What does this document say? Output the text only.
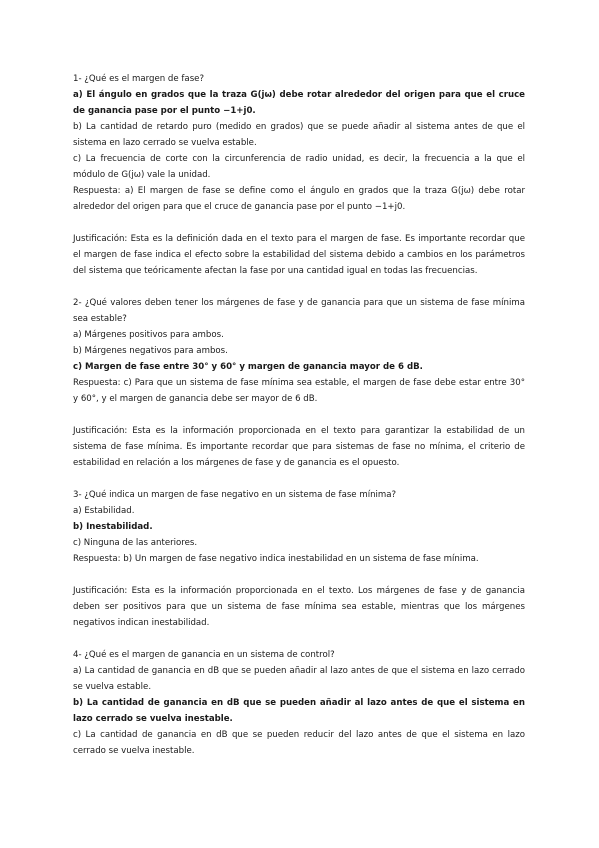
1- ¿Qué es el margen de fase?
a) El ángulo en grados que la traza G(jω) debe rotar alrededor del origen para que el cruce de ganancia pase por el punto −1+j0.
b) La cantidad de retardo puro (medido en grados) que se puede añadir al sistema antes de que el sistema en lazo cerrado se vuelva estable.
c) La frecuencia de corte con la circunferencia de radio unidad, es decir, la frecuencia a la que el módulo de G(jω) vale la unidad.
Respuesta: a) El margen de fase se define como el ángulo en grados que la traza G(jω) debe rotar alrededor del origen para que el cruce de ganancia pase por el punto −1+j0.
Justificación: Esta es la definición dada en el texto para el margen de fase. Es importante recordar que el margen de fase indica el efecto sobre la estabilidad del sistema debido a cambios en los parámetros del sistema que teóricamente afectan la fase por una cantidad igual en todas las frecuencias.
2- ¿Qué valores deben tener los márgenes de fase y de ganancia para que un sistema de fase mínima sea estable?
a) Márgenes positivos para ambos.
b) Márgenes negativos para ambos.
c) Margen de fase entre 30° y 60° y margen de ganancia mayor de 6 dB.
Respuesta: c) Para que un sistema de fase mínima sea estable, el margen de fase debe estar entre 30° y 60°, y el margen de ganancia debe ser mayor de 6 dB.
Justificación: Esta es la información proporcionada en el texto para garantizar la estabilidad de un sistema de fase mínima. Es importante recordar que para sistemas de fase no mínima, el criterio de estabilidad en relación a los márgenes de fase y de ganancia es el opuesto.
3- ¿Qué indica un margen de fase negativo en un sistema de fase mínima?
a) Estabilidad.
b) Inestabilidad.
c) Ninguna de las anteriores.
Respuesta: b) Un margen de fase negativo indica inestabilidad en un sistema de fase mínima.
Justificación: Esta es la información proporcionada en el texto. Los márgenes de fase y de ganancia deben ser positivos para que un sistema de fase mínima sea estable, mientras que los márgenes negativos indican inestabilidad.
4- ¿Qué es el margen de ganancia en un sistema de control?
a) La cantidad de ganancia en dB que se pueden añadir al lazo antes de que el sistema en lazo cerrado se vuelva estable.
b) La cantidad de ganancia en dB que se pueden añadir al lazo antes de que el sistema en lazo cerrado se vuelva inestable.
c) La cantidad de ganancia en dB que se pueden reducir del lazo antes de que el sistema en lazo cerrado se vuelva inestable.
